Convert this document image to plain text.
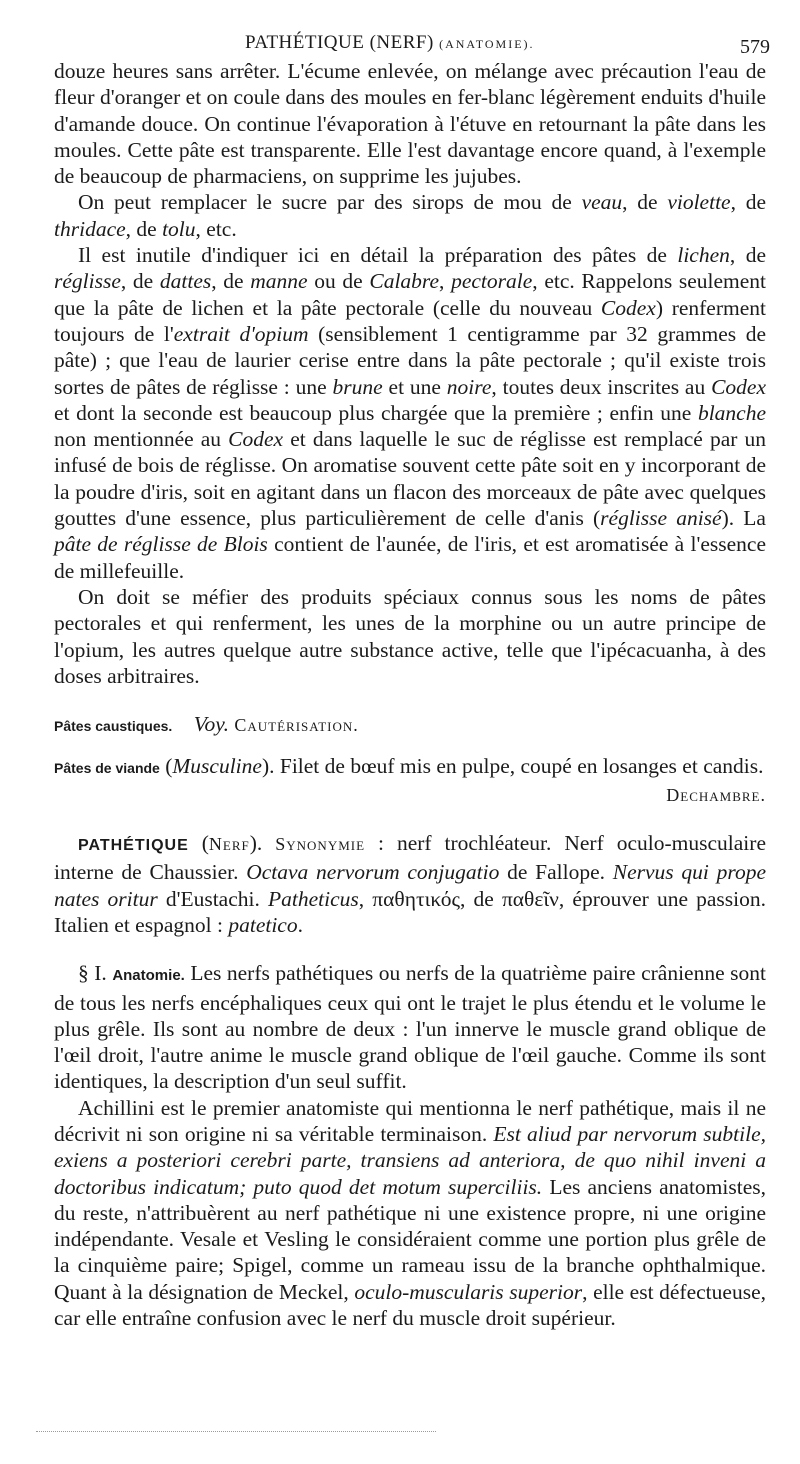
PATHÉTIQUE (NERF) (ANATOMIE).	579

douze heures sans arrêter. L'écume enlevée, on mélange avec précaution l'eau de fleur d'oranger et on coule dans des moules en fer-blanc légèrement enduits d'huile d'amande douce. On continue l'évaporation à l'étuve en retournant la pâte dans les moules. Cette pâte est transparente. Elle l'est davantage encore quand, à l'exemple de beaucoup de pharmaciens, on supprime les jujubes.

On peut remplacer le sucre par des sirops de mou de veau, de violette, de thridace, de tolu, etc.

Il est inutile d'indiquer ici en détail la préparation des pâtes de lichen, de réglisse, de dattes, de manne ou de Calabre, pectorale, etc. Rappelons seulement que la pâte de lichen et la pâte pectorale (celle du nouveau Codex) renferment toujours de l'extrait d'opium (sensiblement 1 centigramme par 32 grammes de pâte) ; que l'eau de laurier cerise entre dans la pâte pectorale ; qu'il existe trois sortes de pâtes de réglisse : une brune et une noire, toutes deux inscrites au Codex et dont la seconde est beaucoup plus chargée que la première ; enfin une blanche non mentionnée au Codex et dans laquelle le suc de réglisse est remplacé par un infusé de bois de réglisse. On aromatise souvent cette pâte soit en y incorporant de la poudre d'iris, soit en agitant dans un flacon des morceaux de pâte avec quelques gouttes d'une essence, plus particulièrement de celle d'anis (réglisse anisé). La pâte de réglisse de Blois contient de l'aunée, de l'iris, et est aromatisée à l'essence de millefeuille.

On doit se méfier des produits spéciaux connus sous les noms de pâtes pectorales et qui renferment, les unes de la morphine ou un autre principe de l'opium, les autres quelque autre substance active, telle que l'ipécacuanha, à des doses arbitraires.

Pâtes caustiques. Voy. Cautérisation.

Pâtes de viande (Musculine). Filet de bœuf mis en pulpe, coupé en losanges et candis.

Dechambre.

PATHÉTIQUE (Nerf). Synonymie : nerf trochléateur. Nerf oculo-musculaire interne de Chaussier. Octava nervorum conjugatio de Fallope. Nervus qui prope nates oritur d'Eustachi. Patheticus, παθητικός, de παθεῖν, éprouver une passion. Italien et espagnol : patetico.

§ I. Anatomie. Les nerfs pathétiques ou nerfs de la quatrième paire crânienne sont de tous les nerfs encéphaliques ceux qui ont le trajet le plus étendu et le volume le plus grêle. Ils sont au nombre de deux : l'un innerve le muscle grand oblique de l'œil droit, l'autre anime le muscle grand oblique de l'œil gauche. Comme ils sont identiques, la description d'un seul suffit.

Achillini est le premier anatomiste qui mentionna le nerf pathétique, mais il ne décrivit ni son origine ni sa véritable terminaison. Est aliud par nervorum subtile, exiens a posteriori cerebri parte, transiens ad anteriora, de quo nihil inveni a doctoribus indicatum; puto quod det motum superciliis. Les anciens anatomistes, du reste, n'attribuèrent au nerf pathétique ni une existence propre, ni une origine indépendante. Vesale et Vesling le considéraient comme une portion plus grêle de la cinquième paire; Spigel, comme un rameau issu de la branche ophthalmique. Quant à la désignation de Meckel, oculo-muscularis superior, elle est défectueuse, car elle entraîne confusion avec le nerf du muscle droit supérieur.
